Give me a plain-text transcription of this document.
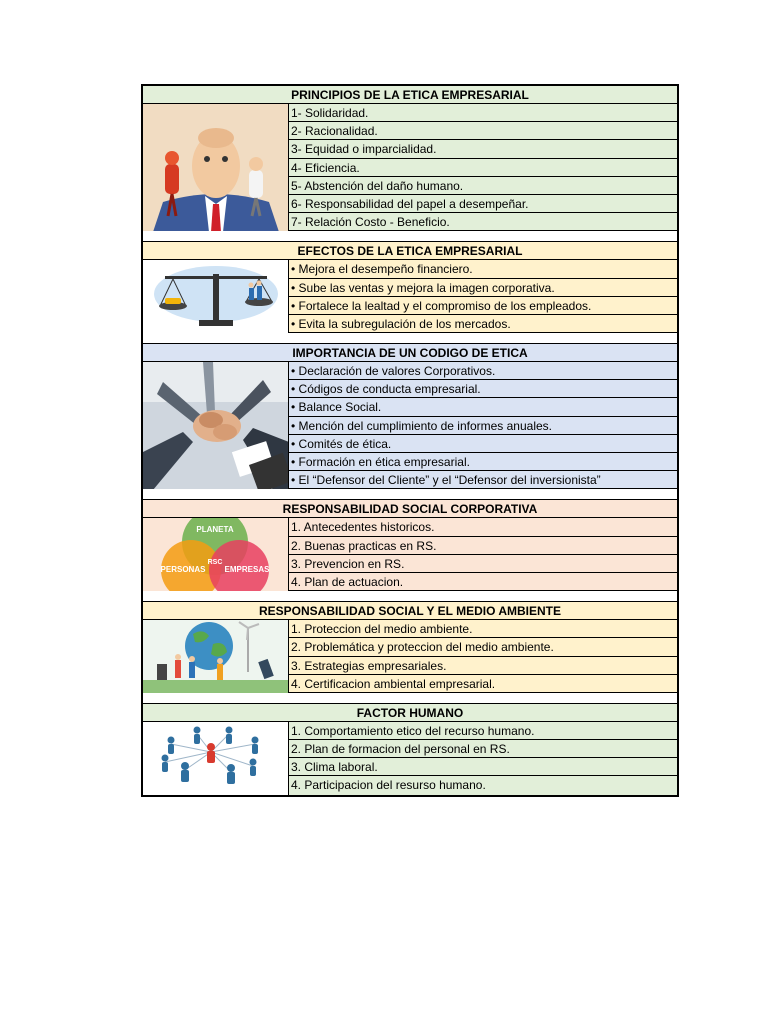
PRINCIPIOS DE LA ETICA EMPRESARIAL
1- Solidaridad.
2- Racionalidad.
3- Equidad o imparcialidad.
4- Eficiencia.
5- Abstención del daño humano.
6- Responsabilidad del papel a desempeñar.
7- Relación Costo - Beneficio.
EFECTOS DE LA ETICA EMPRESARIAL
• Mejora el desempeño financiero.
• Sube las ventas y mejora la imagen corporativa.
• Fortalece la lealtad y el compromiso de los empleados.
• Evita la subregulación de los mercados.
IMPORTANCIA DE UN CODIGO DE ETICA
• Declaración de valores Corporativos.
• Códigos de conducta empresarial.
• Balance Social.
• Mención del cumplimiento de informes anuales.
• Comités de ética.
• Formación en ética empresarial.
• El “Defensor del Cliente” y el “Defensor del inversionista”
RESPONSABILIDAD SOCIAL CORPORATIVA
PLANETA
PERSONAS EMPRESAS
RSC
1. Antecedentes historicos.
2. Buenas practicas en RS.
3. Prevencion en RS.
4. Plan de actuacion.
RESPONSABILIDAD SOCIAL Y EL MEDIO AMBIENTE
1. Proteccion del medio ambiente.
2. Problemática y proteccion del medio ambiente.
3. Estrategias empresariales.
4. Certificacion ambiental empresarial.
FACTOR HUMANO
1. Comportamiento etico del recurso humano.
2. Plan de formacion del personal en RS.
3. Clima laboral.
4. Participacion del resurso humano.
